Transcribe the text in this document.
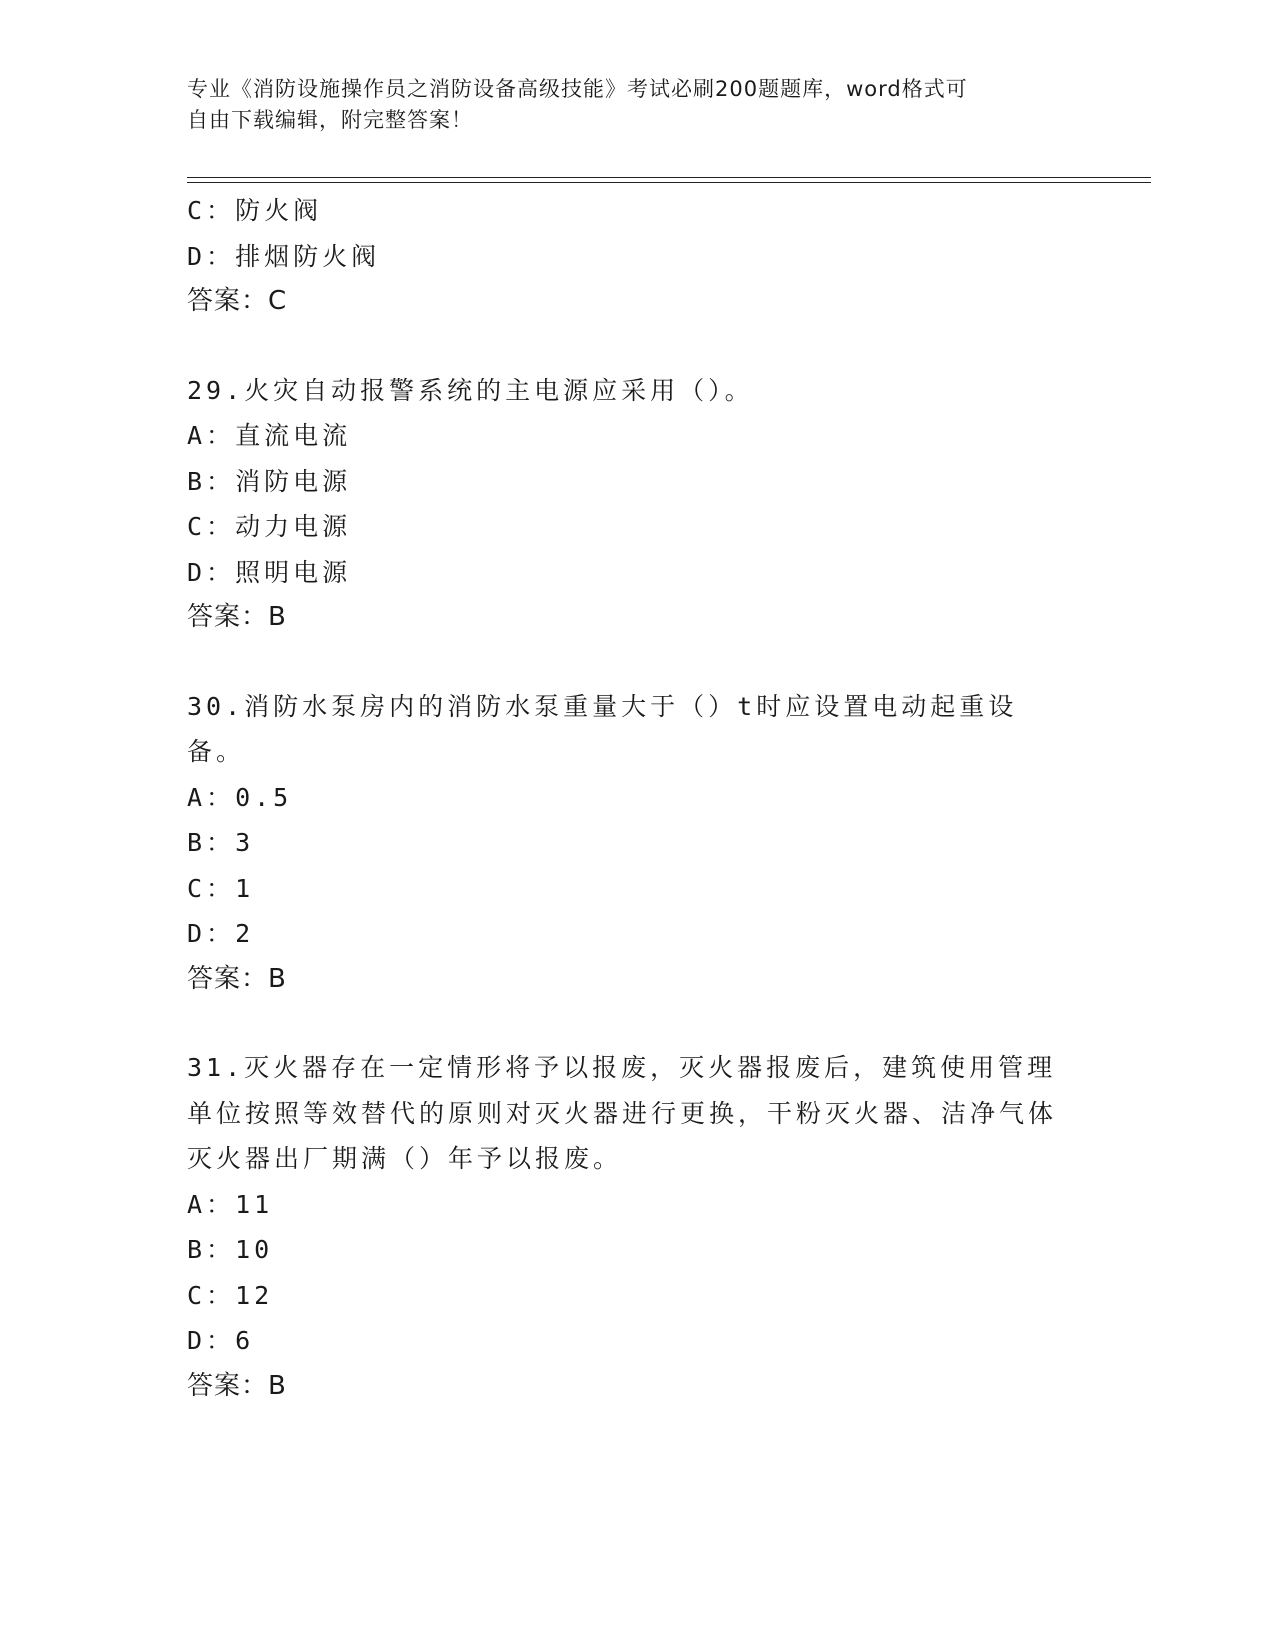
专业《消防设施操作员之消防设备高级技能》考试必刷200题题库，word格式可
自由下载编辑，附完整答案！
C：防火阀
D：排烟防火阀
答案：C
29.火灾自动报警系统的主电源应采用（）。
A：直流电流
B：消防电源
C：动力电源
D：照明电源
答案：B
30.消防水泵房内的消防水泵重量大于（）t时应设置电动起重设备。
A：0.5
B：3
C：1
D：2
答案：B
31.灭火器存在一定情形将予以报废，灭火器报废后，建筑使用管理单位按照等效替代的原则对灭火器进行更换，干粉灭火器、洁净气体灭火器出厂期满（）年予以报废。
A：11
B：10
C：12
D：6
答案：B
